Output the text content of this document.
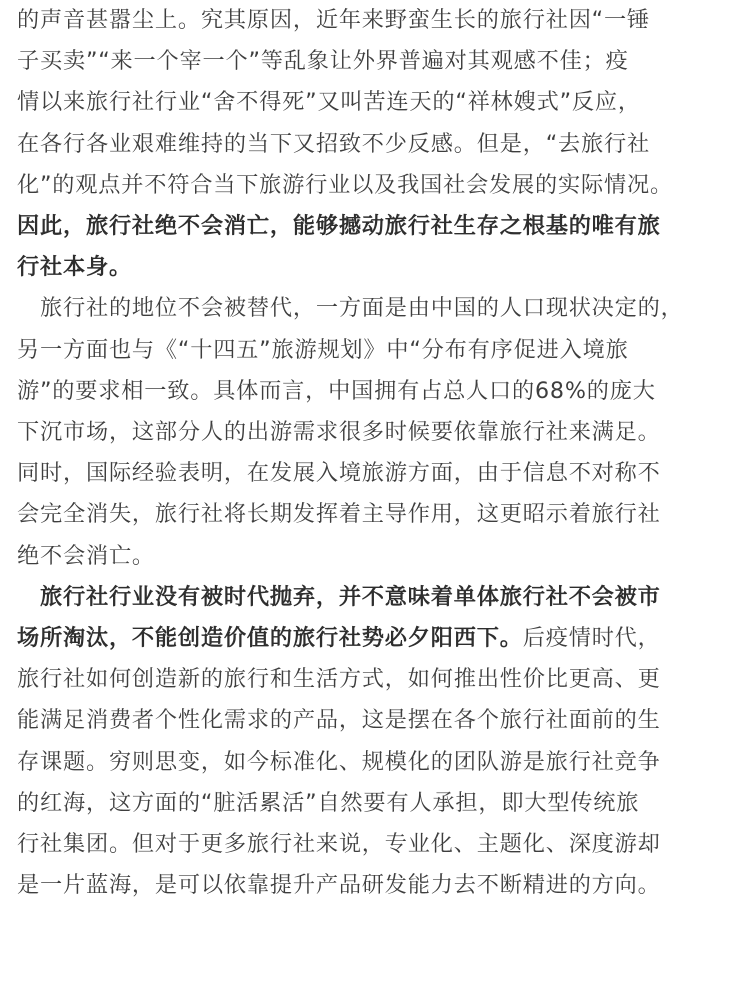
的声音甚嚣尘上。究其原因，近年来野蛮生长的旅行社因“一锤
子买卖”“来一个宰一个”等乱象让外界普遍对其观感不佳；疫
情以来旅行社行业“舍不得死”又叫苦连天的“祥林嫂式”反应，
在各行各业艰难维持的当下又招致不少反感。但是，“去旅行社
化”的观点并不符合当下旅游行业以及我国社会发展的实际情况。
因此，旅行社绝不会消亡，能够撼动旅行社生存之根基的唯有旅
行社本身。
　旅行社的地位不会被替代，一方面是由中国的人口现状决定的，
另一方面也与《“十四五”旅游规划》中“分布有序促进入境旅
游”的要求相一致。具体而言，中国拥有占总人口的68%的庞大
下沉市场，这部分人的出游需求很多时候要依靠旅行社来满足。
同时，国际经验表明，在发展入境旅游方面，由于信息不对称不
会完全消失，旅行社将长期发挥着主导作用，这更昭示着旅行社
绝不会消亡。
　旅行社行业没有被时代抛弃，并不意味着单体旅行社不会被市
场所淘汰，不能创造价值的旅行社势必夕阳西下。后疫情时代，
旅行社如何创造新的旅行和生活方式，如何推出性价比更高、更
能满足消费者个性化需求的产品，这是摆在各个旅行社面前的生
存课题。穷则思变，如今标准化、规模化的团队游是旅行社竞争
的红海，这方面的“脏活累活”自然要有人承担，即大型传统旅
行社集团。但对于更多旅行社来说，专业化、主题化、深度游却
是一片蓝海，是可以依靠提升产品研发能力去不断精进的方向。
